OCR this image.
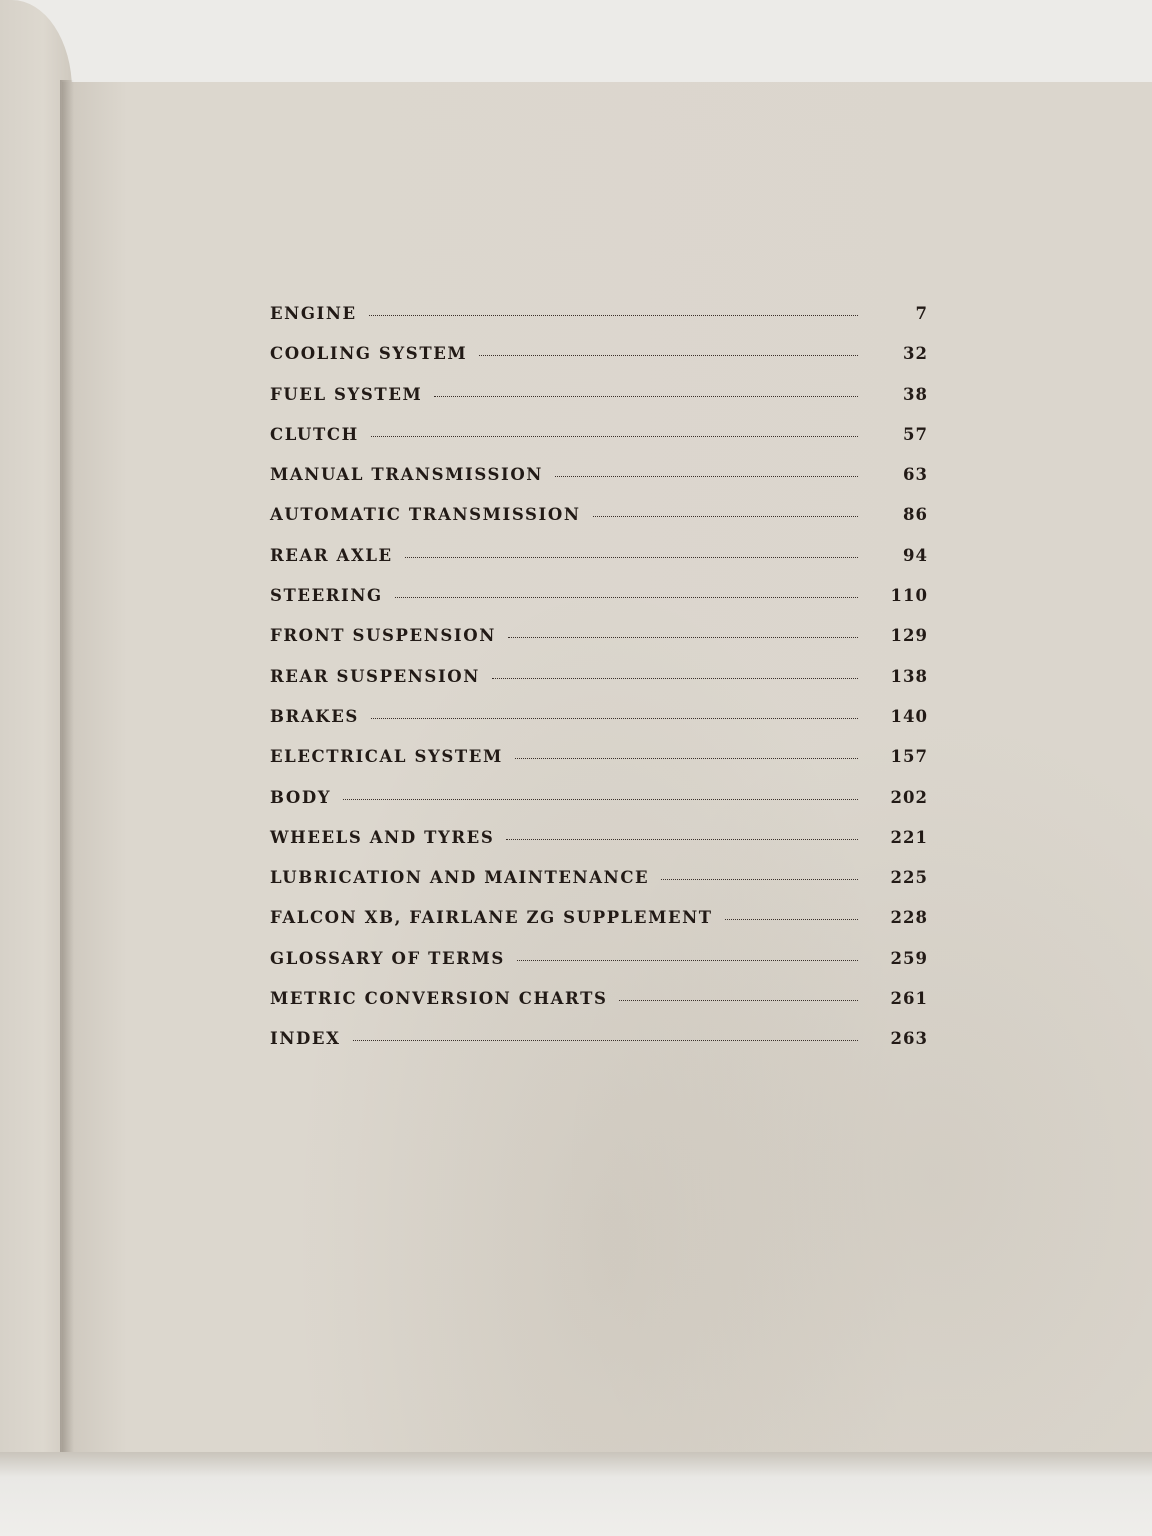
ENGINE	7
COOLING SYSTEM	32
FUEL SYSTEM	38
CLUTCH	57
MANUAL TRANSMISSION	63
AUTOMATIC TRANSMISSION	86
REAR AXLE	94
STEERING	110
FRONT SUSPENSION	129
REAR SUSPENSION	138
BRAKES	140
ELECTRICAL SYSTEM	157
BODY	202
WHEELS AND TYRES	221
LUBRICATION AND MAINTENANCE	225
FALCON XB, FAIRLANE ZG SUPPLEMENT	228
GLOSSARY OF TERMS	259
METRIC CONVERSION CHARTS	261
INDEX	263
